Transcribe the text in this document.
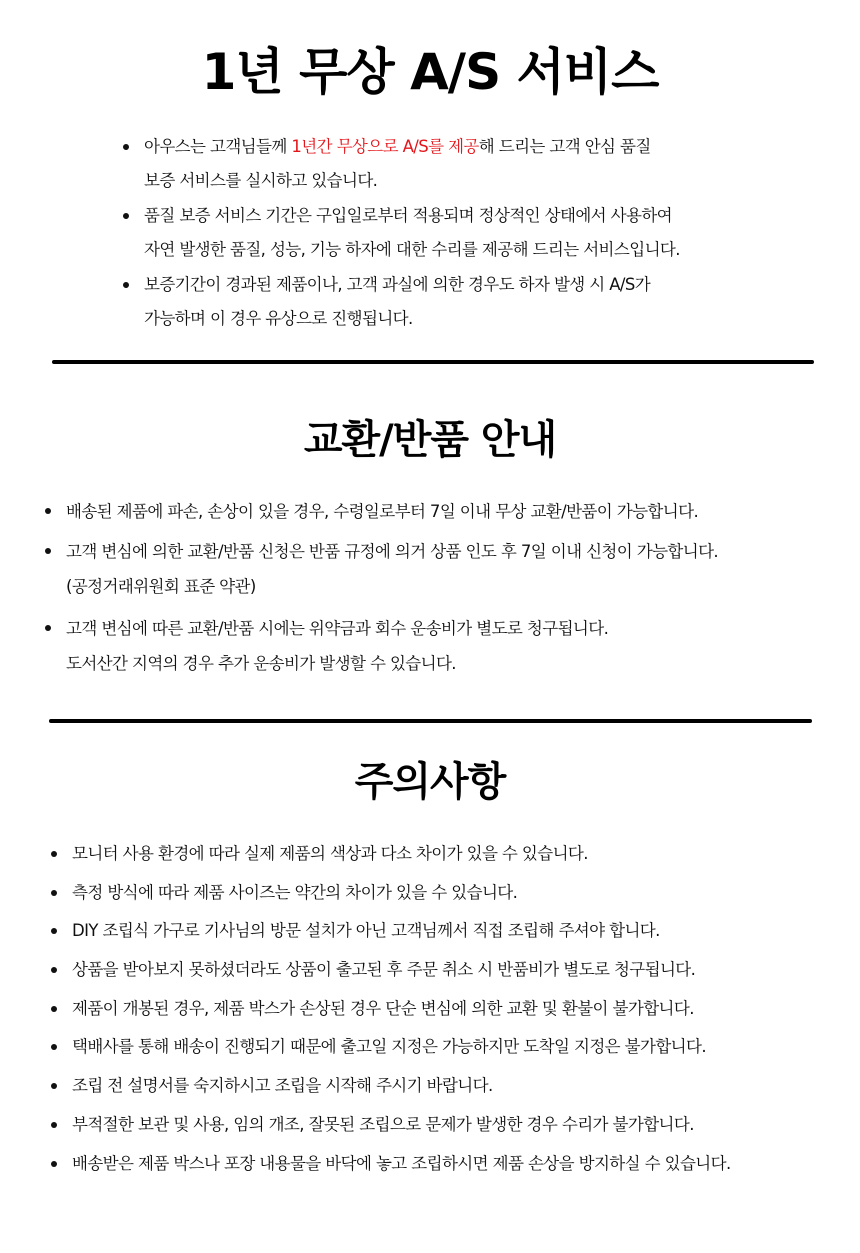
1년 무상 A/S 서비스
아우스는 고객님들께 1년간 무상으로 A/S를 제공해 드리는 고객 안심 품질
보증 서비스를 실시하고 있습니다.
품질 보증 서비스 기간은 구입일로부터 적용되며 정상적인 상태에서 사용하여
자연 발생한 품질, 성능, 기능 하자에 대한 수리를 제공해 드리는 서비스입니다.
보증기간이 경과된 제품이나, 고객 과실에 의한 경우도 하자 발생 시 A/S가
가능하며 이 경우 유상으로 진행됩니다.
교환/반품 안내
배송된 제품에 파손, 손상이 있을 경우, 수령일로부터 7일 이내 무상 교환/반품이 가능합니다.
고객 변심에 의한 교환/반품 신청은 반품 규정에 의거 상품 인도 후 7일 이내 신청이 가능합니다.
(공정거래위원회 표준 약관)
고객 변심에 따른 교환/반품 시에는 위약금과 회수 운송비가 별도로 청구됩니다.
도서산간 지역의 경우 추가 운송비가 발생할 수 있습니다.
주의사항
모니터 사용 환경에 따라 실제 제품의 색상과 다소 차이가 있을 수 있습니다.
측정 방식에 따라 제품 사이즈는 약간의 차이가 있을 수 있습니다.
DIY 조립식 가구로 기사님의 방문 설치가 아닌 고객님께서 직접 조립해 주셔야 합니다.
상품을 받아보지 못하셨더라도 상품이 출고된 후 주문 취소 시 반품비가 별도로 청구됩니다.
제품이 개봉된 경우, 제품 박스가 손상된 경우 단순 변심에 의한 교환 및 환불이 불가합니다.
택배사를 통해 배송이 진행되기 때문에 출고일 지정은 가능하지만 도착일 지정은 불가합니다.
조립 전 설명서를 숙지하시고 조립을 시작해 주시기 바랍니다.
부적절한 보관 및 사용, 임의 개조, 잘못된 조립으로 문제가 발생한 경우 수리가 불가합니다.
배송받은 제품 박스나 포장 내용물을 바닥에 놓고 조립하시면 제품 손상을 방지하실 수 있습니다.
